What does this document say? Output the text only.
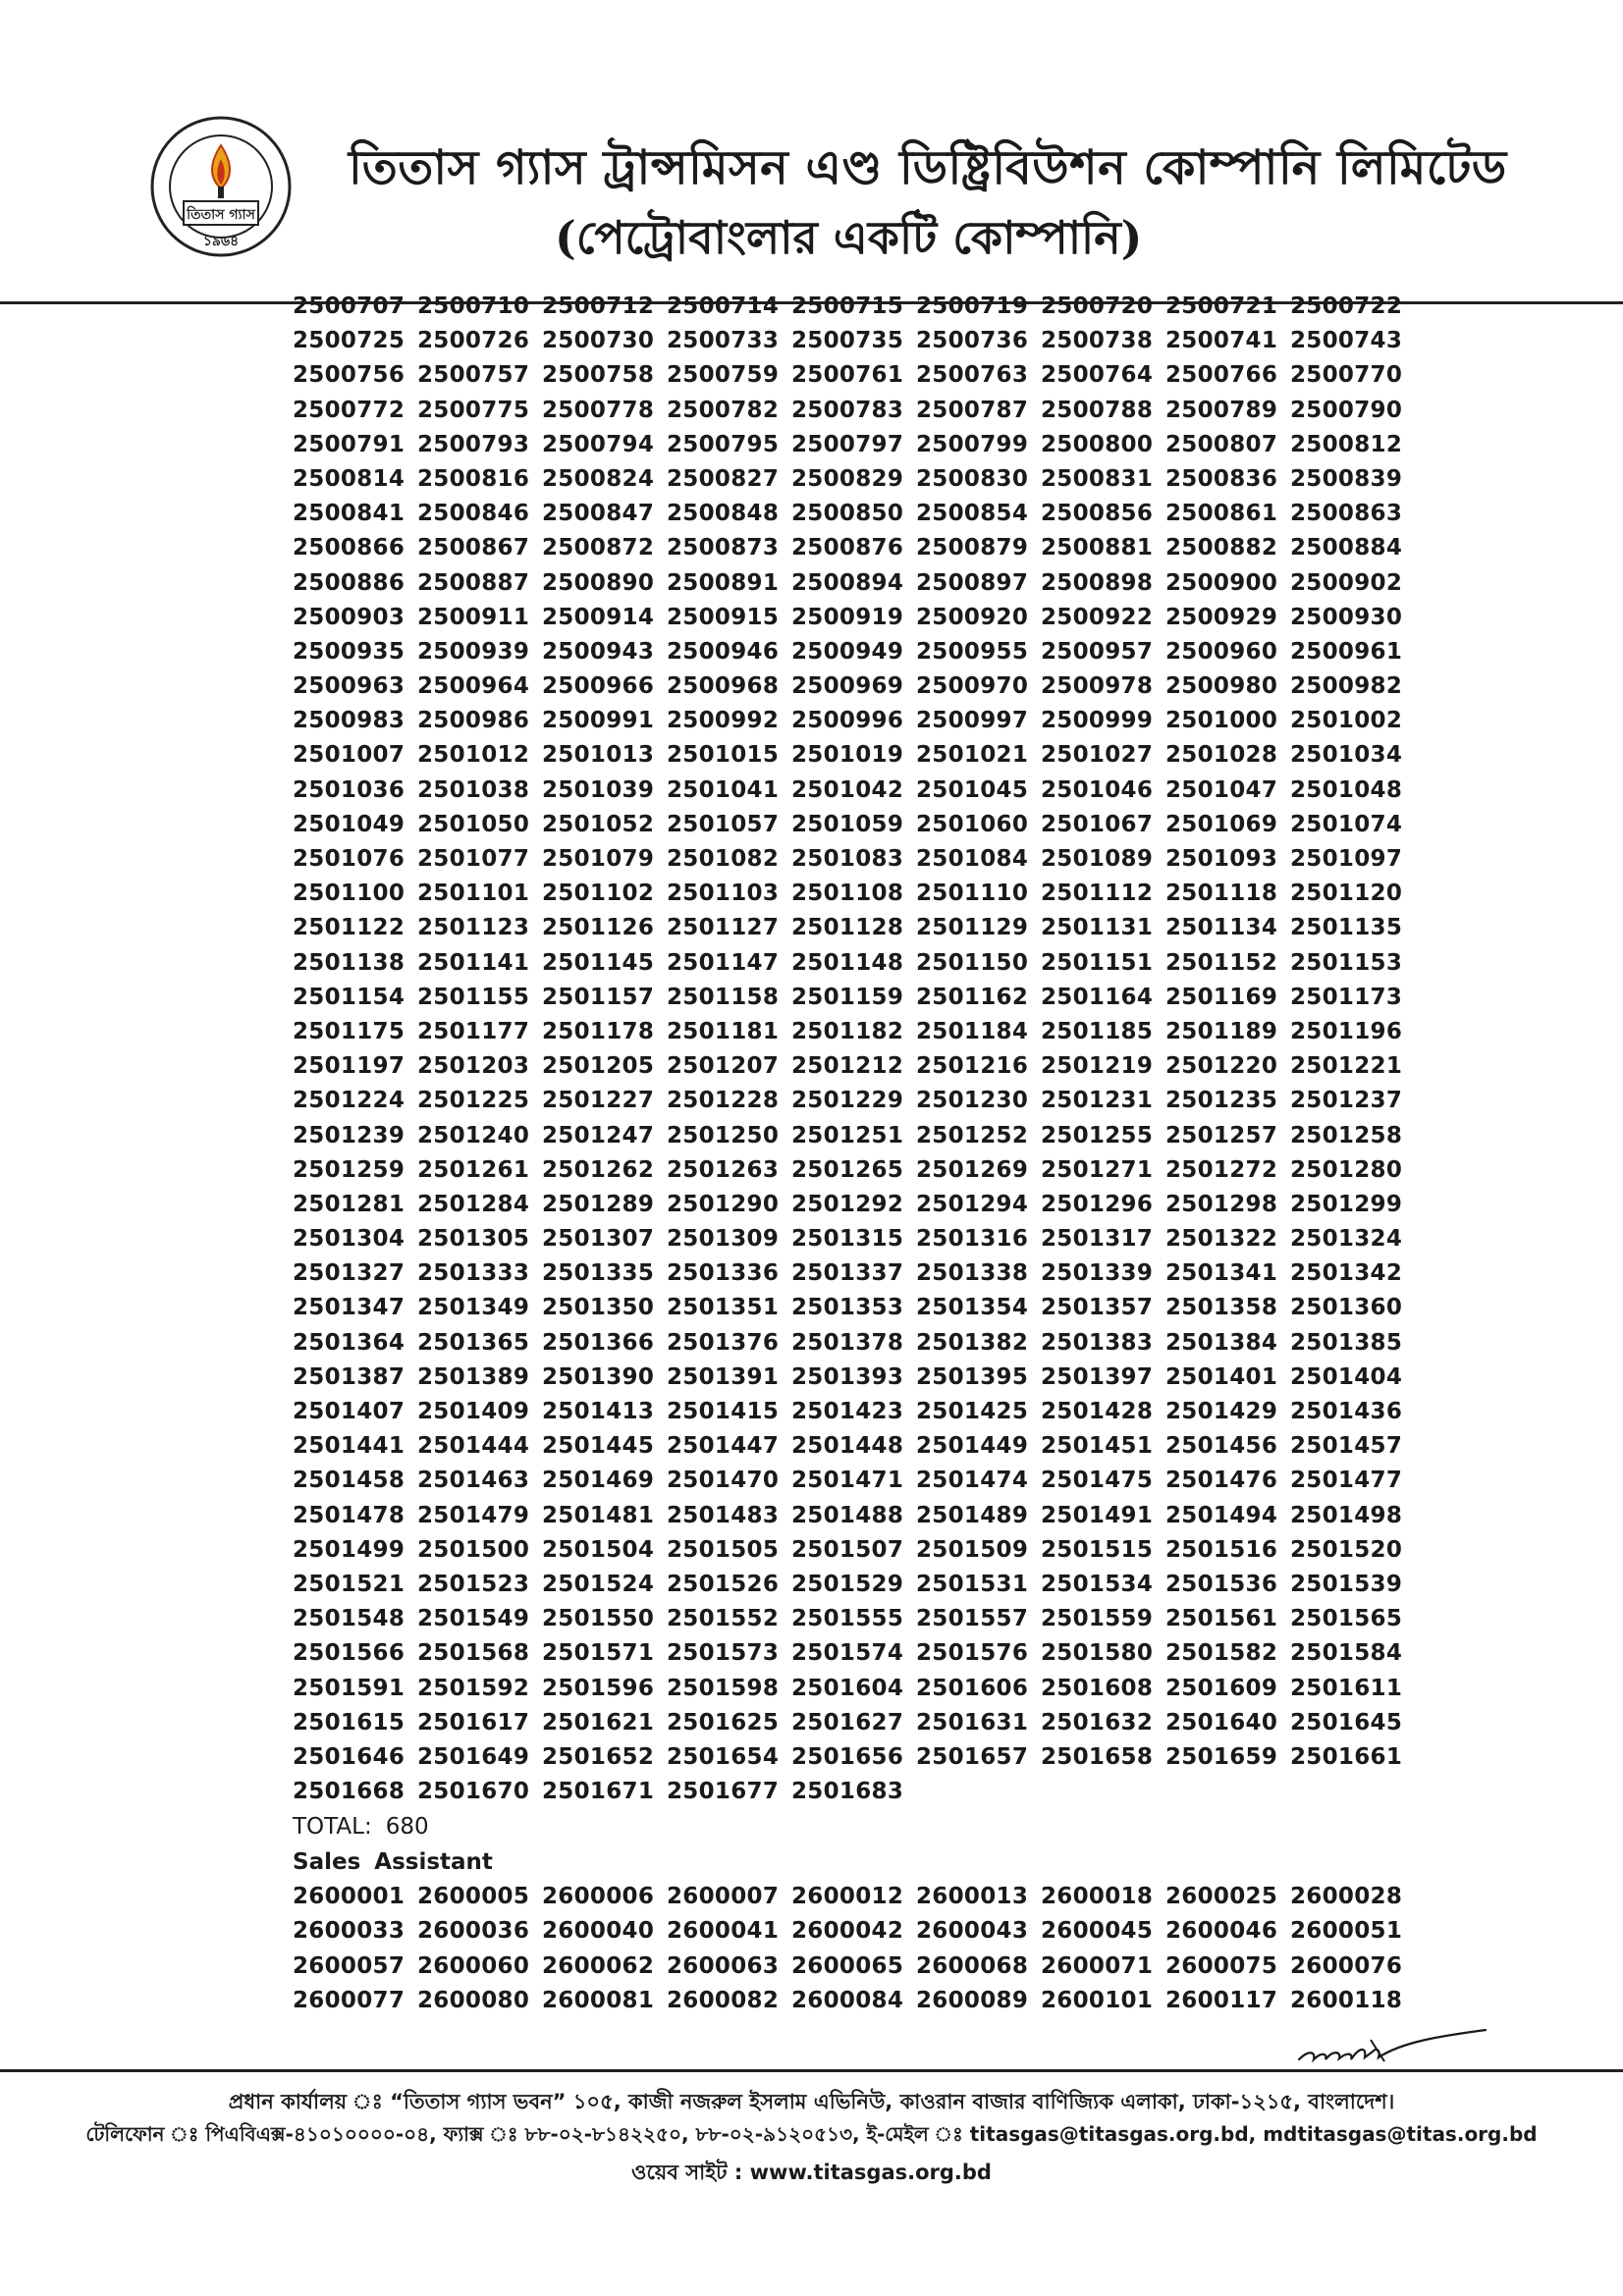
তিতাস গ্যাস
১৯৬৪
তিতাস গ্যাস ট্রান্সমিসন এণ্ড ডিষ্ট্রিবিউশন কোম্পানি লিমিটেড
(পেট্রোবাংলার একটি কোম্পানি)
2500707 2500710 2500712 2500714 2500715 2500719 2500720 2500721 2500722
2500725 2500726 2500730 2500733 2500735 2500736 2500738 2500741 2500743
2500756 2500757 2500758 2500759 2500761 2500763 2500764 2500766 2500770
2500772 2500775 2500778 2500782 2500783 2500787 2500788 2500789 2500790
2500791 2500793 2500794 2500795 2500797 2500799 2500800 2500807 2500812
2500814 2500816 2500824 2500827 2500829 2500830 2500831 2500836 2500839
2500841 2500846 2500847 2500848 2500850 2500854 2500856 2500861 2500863
2500866 2500867 2500872 2500873 2500876 2500879 2500881 2500882 2500884
2500886 2500887 2500890 2500891 2500894 2500897 2500898 2500900 2500902
2500903 2500911 2500914 2500915 2500919 2500920 2500922 2500929 2500930
2500935 2500939 2500943 2500946 2500949 2500955 2500957 2500960 2500961
2500963 2500964 2500966 2500968 2500969 2500970 2500978 2500980 2500982
2500983 2500986 2500991 2500992 2500996 2500997 2500999 2501000 2501002
2501007 2501012 2501013 2501015 2501019 2501021 2501027 2501028 2501034
2501036 2501038 2501039 2501041 2501042 2501045 2501046 2501047 2501048
2501049 2501050 2501052 2501057 2501059 2501060 2501067 2501069 2501074
2501076 2501077 2501079 2501082 2501083 2501084 2501089 2501093 2501097
2501100 2501101 2501102 2501103 2501108 2501110 2501112 2501118 2501120
2501122 2501123 2501126 2501127 2501128 2501129 2501131 2501134 2501135
2501138 2501141 2501145 2501147 2501148 2501150 2501151 2501152 2501153
2501154 2501155 2501157 2501158 2501159 2501162 2501164 2501169 2501173
2501175 2501177 2501178 2501181 2501182 2501184 2501185 2501189 2501196
2501197 2501203 2501205 2501207 2501212 2501216 2501219 2501220 2501221
2501224 2501225 2501227 2501228 2501229 2501230 2501231 2501235 2501237
2501239 2501240 2501247 2501250 2501251 2501252 2501255 2501257 2501258
2501259 2501261 2501262 2501263 2501265 2501269 2501271 2501272 2501280
2501281 2501284 2501289 2501290 2501292 2501294 2501296 2501298 2501299
2501304 2501305 2501307 2501309 2501315 2501316 2501317 2501322 2501324
2501327 2501333 2501335 2501336 2501337 2501338 2501339 2501341 2501342
2501347 2501349 2501350 2501351 2501353 2501354 2501357 2501358 2501360
2501364 2501365 2501366 2501376 2501378 2501382 2501383 2501384 2501385
2501387 2501389 2501390 2501391 2501393 2501395 2501397 2501401 2501404
2501407 2501409 2501413 2501415 2501423 2501425 2501428 2501429 2501436
2501441 2501444 2501445 2501447 2501448 2501449 2501451 2501456 2501457
2501458 2501463 2501469 2501470 2501471 2501474 2501475 2501476 2501477
2501478 2501479 2501481 2501483 2501488 2501489 2501491 2501494 2501498
2501499 2501500 2501504 2501505 2501507 2501509 2501515 2501516 2501520
2501521 2501523 2501524 2501526 2501529 2501531 2501534 2501536 2501539
2501548 2501549 2501550 2501552 2501555 2501557 2501559 2501561 2501565
2501566 2501568 2501571 2501573 2501574 2501576 2501580 2501582 2501584
2501591 2501592 2501596 2501598 2501604 2501606 2501608 2501609 2501611
2501615 2501617 2501621 2501625 2501627 2501631 2501632 2501640 2501645
2501646 2501649 2501652 2501654 2501656 2501657 2501658 2501659 2501661
2501668 2501670 2501671 2501677 2501683
TOTAL: 680
Sales Assistant
2600001 2600005 2600006 2600007 2600012 2600013 2600018 2600025 2600028
2600033 2600036 2600040 2600041 2600042 2600043 2600045 2600046 2600051
2600057 2600060 2600062 2600063 2600065 2600068 2600071 2600075 2600076
2600077 2600080 2600081 2600082 2600084 2600089 2600101 2600117 2600118
প্রধান কার্যালয় ঃ “তিতাস গ্যাস ভবন” ১০৫, কাজী নজরুল ইসলাম এভিনিউ, কাওরান বাজার বাণিজ্যিক এলাকা, ঢাকা-১২১৫, বাংলাদেশ।
টেলিফোন ঃ পিএবিএক্স-৪১০১০০০০-০৪, ফ্যাক্স ঃ ৮৮-০২-৮১৪২২৫০, ৮৮-০২-৯১২০৫১৩, ই-মেইল ঃ titasgas@titasgas.org.bd, mdtitasgas@titas.org.bd
ওয়েব সাইট : www.titasgas.org.bd
